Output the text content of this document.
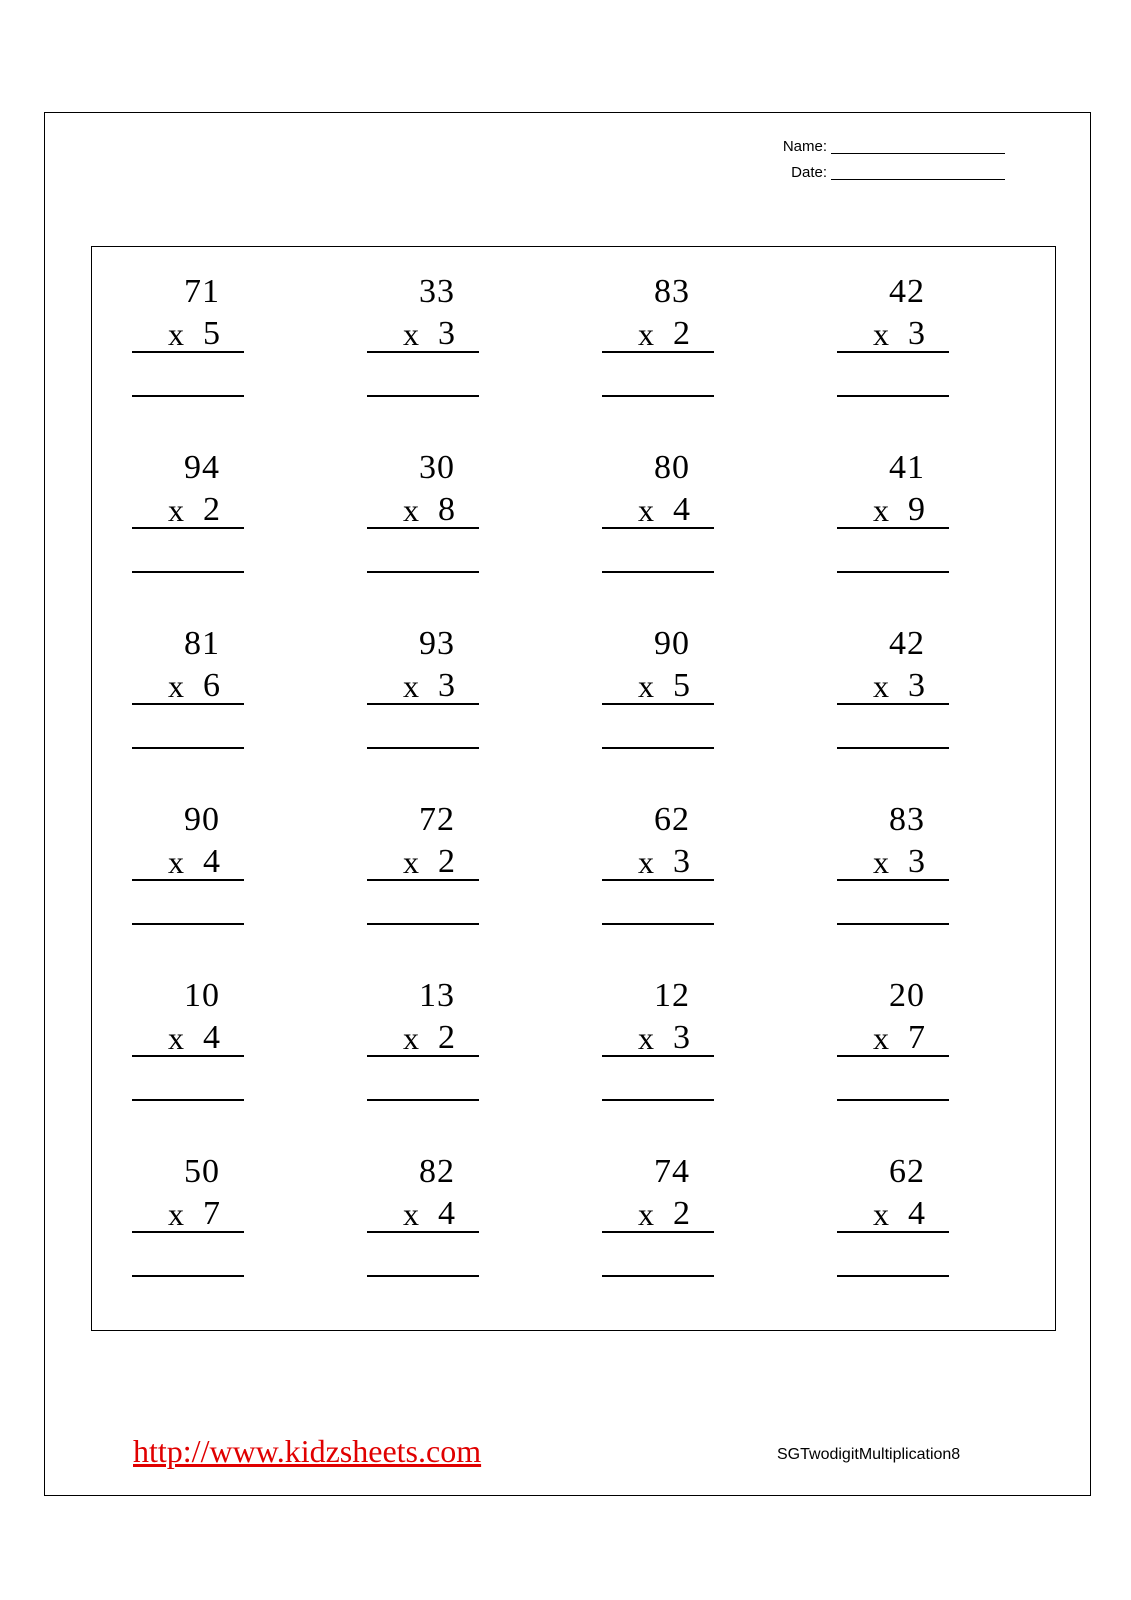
Name:
Date:
71
x 5
33
x 3
83
x 2
42
x 3
94
x 2
30
x 8
80
x 4
41
x 9
81
x 6
93
x 3
90
x 5
42
x 3
90
x 4
72
x 2
62
x 3
83
x 3
10
x 4
13
x 2
12
x 3
20
x 7
50
x 7
82
x 4
74
x 2
62
x 4
http://www.kidzsheets.com	SGTwodigitMultiplication8
